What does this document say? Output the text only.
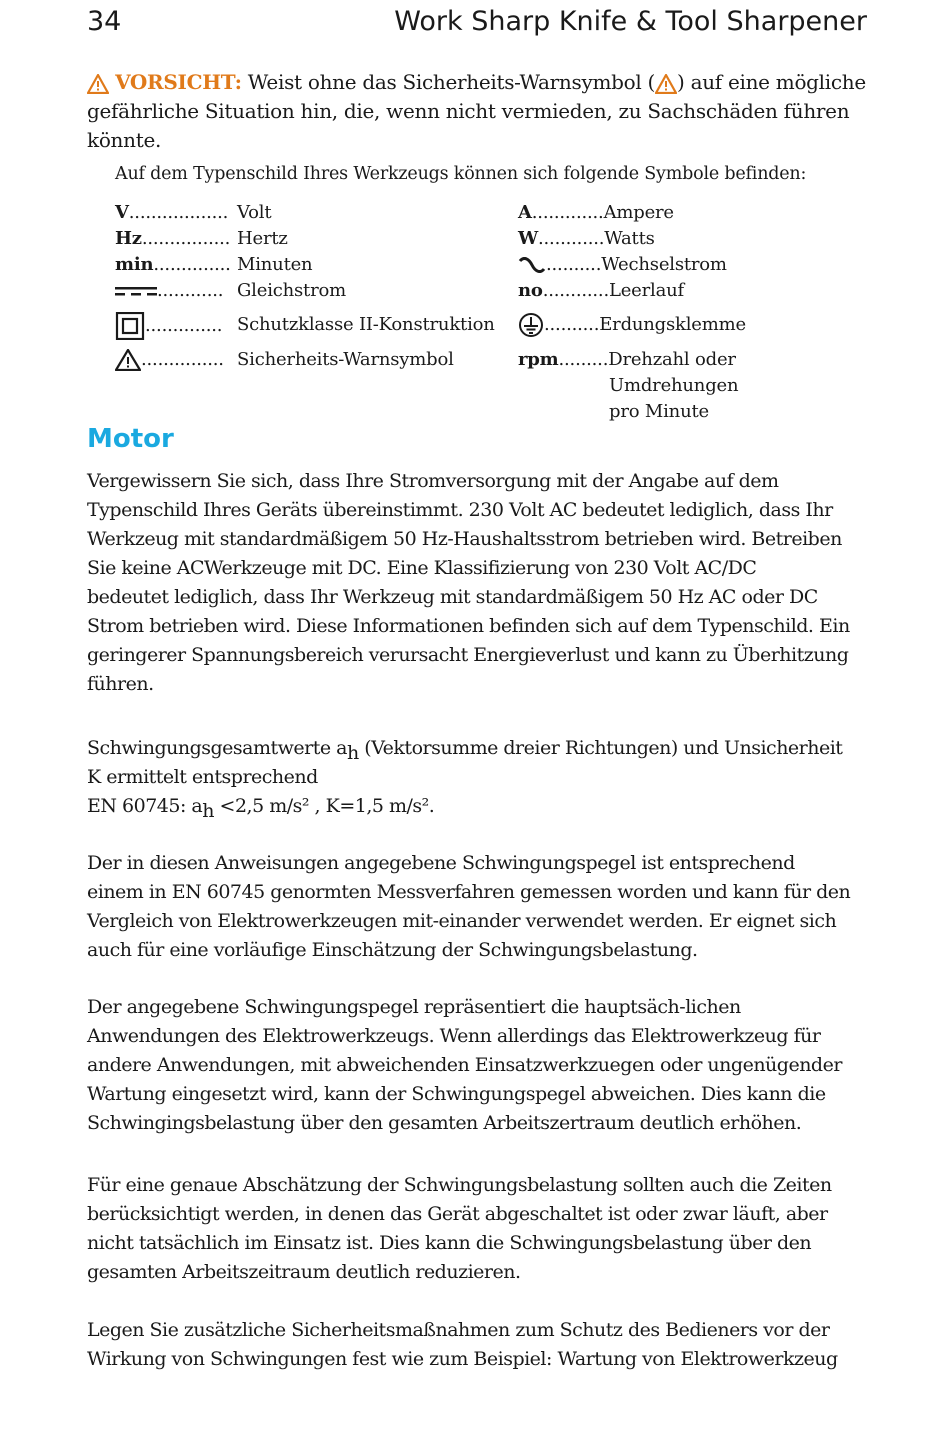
34	Work Sharp Knife & Tool Sharpener
VORSICHT: Weist ohne das Sicherheits-Warnsymbol ( ) auf eine mögliche gefährliche Situation hin, die, wenn nicht vermieden, zu Sachschäden führen könnte.
Auf dem Typenschild Ihres Werkzeugs können sich folgende Symbole befinden:
V.................. Volt
Hz................ Hertz
min.............. Minuten
............ Gleichstrom
.............. Schutzklasse II-Konstruktion
............... Sicherheits-Warnsymbol
A.............Ampere
W............Watts
..........Wechselstrom
no............Leerlauf
..........Erdungsklemme
rpm.........Drehzahl oder
Umdrehungen
pro Minute
Motor
Vergewissern Sie sich, dass Ihre Stromversorgung mit der Angabe auf dem
Typenschild Ihres Geräts übereinstimmt. 230 Volt AC bedeutet lediglich, dass Ihr
Werkzeug mit standardmäßigem 50 Hz-Haushaltsstrom betrieben wird. Betreiben
Sie keine ACWerkzeuge mit DC. Eine Klassifizierung von 230 Volt AC/DC
bedeutet lediglich, dass Ihr Werkzeug mit standardmäßigem 50 Hz AC oder DC
Strom betrieben wird. Diese Informationen befinden sich auf dem Typenschild. Ein
geringerer Spannungsbereich verursacht Energieverlust und kann zu Überhitzung
führen.
Schwingungsgesamtwerte ah (Vektorsumme dreier Richtungen) und Unsicherheit
K ermittelt entsprechend
EN 60745: ah <2,5 m/s² , K=1,5 m/s².
Der in diesen Anweisungen angegebene Schwingungspegel ist entsprechend
einem in EN 60745 genormten Messverfahren gemessen worden und kann für den
Vergleich von Elektrowerkzeugen mit-einander verwendet werden. Er eignet sich
auch für eine vorläufige Einschätzung der Schwingungsbelastung.
Der angegebene Schwingungspegel repräsentiert die hauptsäch-lichen
Anwendungen des Elektrowerkzeugs. Wenn allerdings das Elektrowerkzeug für
andere Anwendungen, mit abweichenden Einsatzwerkzuegen oder ungenügender
Wartung eingesetzt wird, kann der Schwingungspegel abweichen. Dies kann die
Schwingingsbelastung über den gesamten Arbeitszertraum deutlich erhöhen.
Für eine genaue Abschätzung der Schwingungsbelastung sollten auch die Zeiten
berücksichtigt werden, in denen das Gerät abgeschaltet ist oder zwar läuft, aber
nicht tatsächlich im Einsatz ist. Dies kann die Schwingungsbelastung über den
gesamten Arbeitszeitraum deutlich reduzieren.
Legen Sie zusätzliche Sicherheitsmaßnahmen zum Schutz des Bedieners vor der
Wirkung von Schwingungen fest wie zum Beispiel: Wartung von Elektrowerkzeug
